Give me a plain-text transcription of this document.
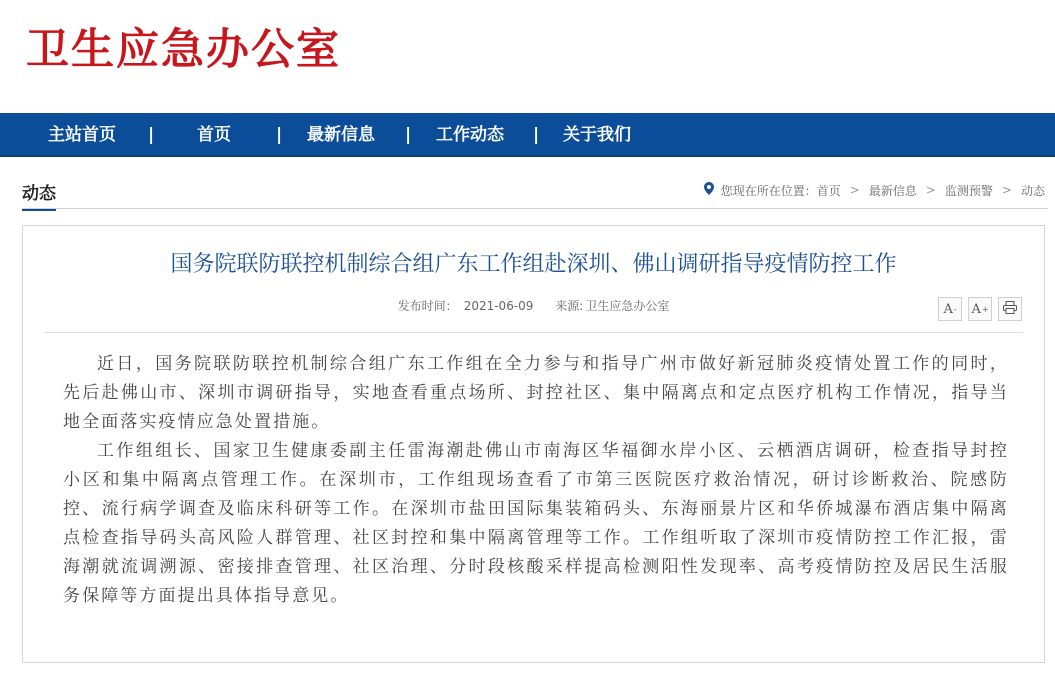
卫生应急办公室
主站首页 |	首页	| 最新信息 | 工作动态 | 关于我们
动态	您现在所在位置： 首页 > 最新信息 > 监测预警 > 动态
国务院联防联控机制综合组广东工作组赴深圳、佛山调研指导疫情防控工作
发布时间： 2021-06-09 来源: 卫生应急办公室	A - A +

近日，国务院联防联控机制综合组广东工作组在全力参与和指导广州市做好新冠肺炎疫情处置工作的同时，先后赴佛山市、深圳市调研指导，实地查看重点场所、封控社区、集中隔离点和定点医疗机构工作情况，指导当地全面落实疫情应急处置措施。

工作组组长、国家卫生健康委副主任雷海潮赴佛山市南海区华福御水岸小区、云栖酒店调研，检查指导封控小区和集中隔离点管理工作。在深圳市，工作组现场查看了市第三医院医疗救治情况，研讨诊断救治、院感防控、流行病学调查及临床科研等工作。在深圳市盐田国际集装箱码头、东海丽景片区和华侨城瀑布酒店集中隔离点检查指导码头高风险人群管理、社区封控和集中隔离管理等工作。工作组听取了深圳市疫情防控工作汇报，雷海潮就流调溯源、密接排查管理、社区治理、分时段核酸采样提高检测阳性发现率、高考疫情防控及居民生活服务保障等方面提出具体指导意见。
